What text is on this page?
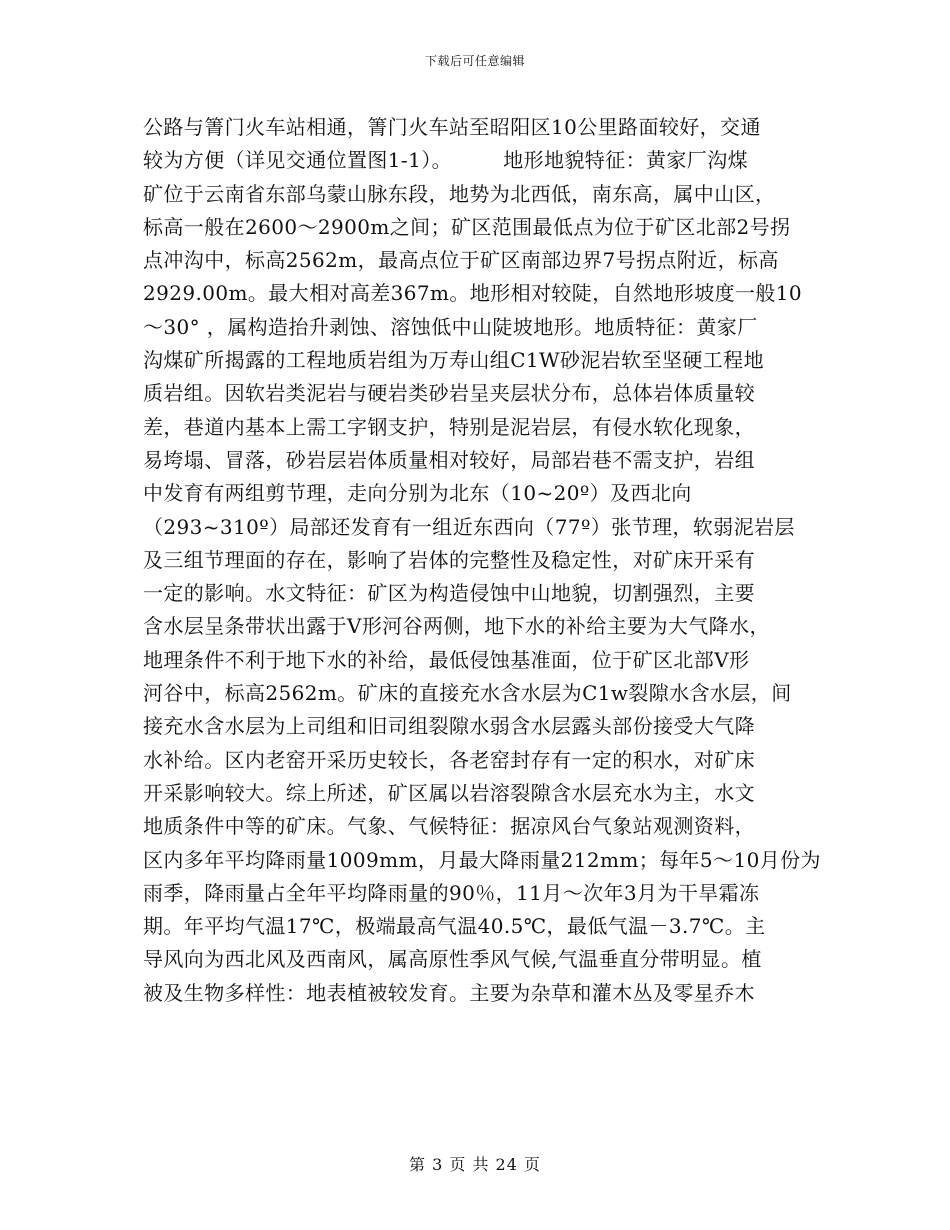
下载后可任意编辑
公路与箐门火车站相通，箐门火车站至昭阳区10公里路面较好，交通
较为方便（详见交通位置图1-1）。　　　地形地貌特征：黄家厂沟煤
矿位于云南省东部乌蒙山脉东段，地势为北西低，南东高，属中山区，
标高一般在2600～2900m之间；矿区范围最低点为位于矿区北部2号拐
点冲沟中，标高2562m，最高点位于矿区南部边界7号拐点附近，标高
2929.00m。最大相对高差367m。地形相对较陡，自然地形坡度一般10
～30° ，属构造抬升剥蚀、溶蚀低中山陡坡地形。地质特征：黄家厂
沟煤矿所揭露的工程地质岩组为万寿山组C1W砂泥岩软至坚硬工程地
质岩组。因软岩类泥岩与硬岩类砂岩呈夹层状分布，总体岩体质量较
差，巷道内基本上需工字钢支护，特别是泥岩层，有侵水软化现象，
易垮塌、冒落，砂岩层岩体质量相对较好，局部岩巷不需支护，岩组
中发育有两组剪节理，走向分别为北东（10~20º）及西北向
（293~310º）局部还发育有一组近东西向（77º）张节理，软弱泥岩层
及三组节理面的存在，影响了岩体的完整性及稳定性，对矿床开采有
一定的影响。水文特征：矿区为构造侵蚀中山地貌，切割强烈，主要
含水层呈条带状出露于V形河谷两侧，地下水的补给主要为大气降水，
地理条件不利于地下水的补给，最低侵蚀基准面，位于矿区北部V形
河谷中，标高2562m。矿床的直接充水含水层为C1w裂隙水含水层，间
接充水含水层为上司组和旧司组裂隙水弱含水层露头部份接受大气降
水补给。区内老窑开采历史较长，各老窑封存有一定的积水，对矿床
开采影响较大。综上所述，矿区属以岩溶裂隙含水层充水为主，水文
地质条件中等的矿床。气象、气候特征：据凉风台气象站观测资料，
区内多年平均降雨量1009mm，月最大降雨量212mm；每年5～10月份为
雨季，降雨量占全年平均降雨量的90％，11月～次年3月为干旱霜冻
期。年平均气温17℃，极端最高气温40.5℃，最低气温－3.7℃。主
导风向为西北风及西南风，属高原性季风气候,气温垂直分带明显。植
被及生物多样性：地表植被较发育。主要为杂草和灌木丛及零星乔木
第 3 页 共 24 页
